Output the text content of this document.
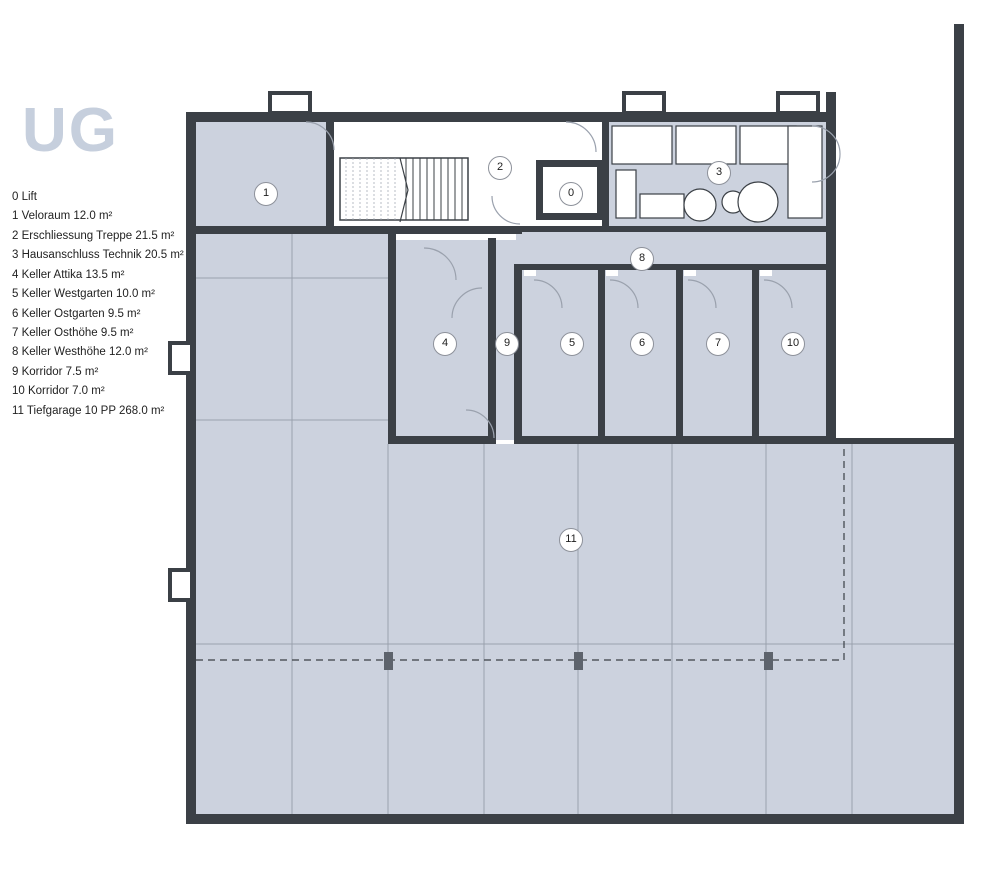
1
2
0
3
8
4	9	5	6	7	10
11
UG
0 Lift
1 Veloraum 12.0 m²
2 Erschliessung Treppe 21.5 m²
3 Hausanschluss Technik 20.5 m²
4 Keller Attika 13.5 m²
5 Keller Westgarten 10.0 m²
6 Keller Ostgarten 9.5 m²
7 Keller Osthöhe 9.5 m²
8 Keller Westhöhe 12.0 m²
9 Korridor 7.5 m²
10 Korridor 7.0 m²
11 Tiefgarage 10 PP 268.0 m²
